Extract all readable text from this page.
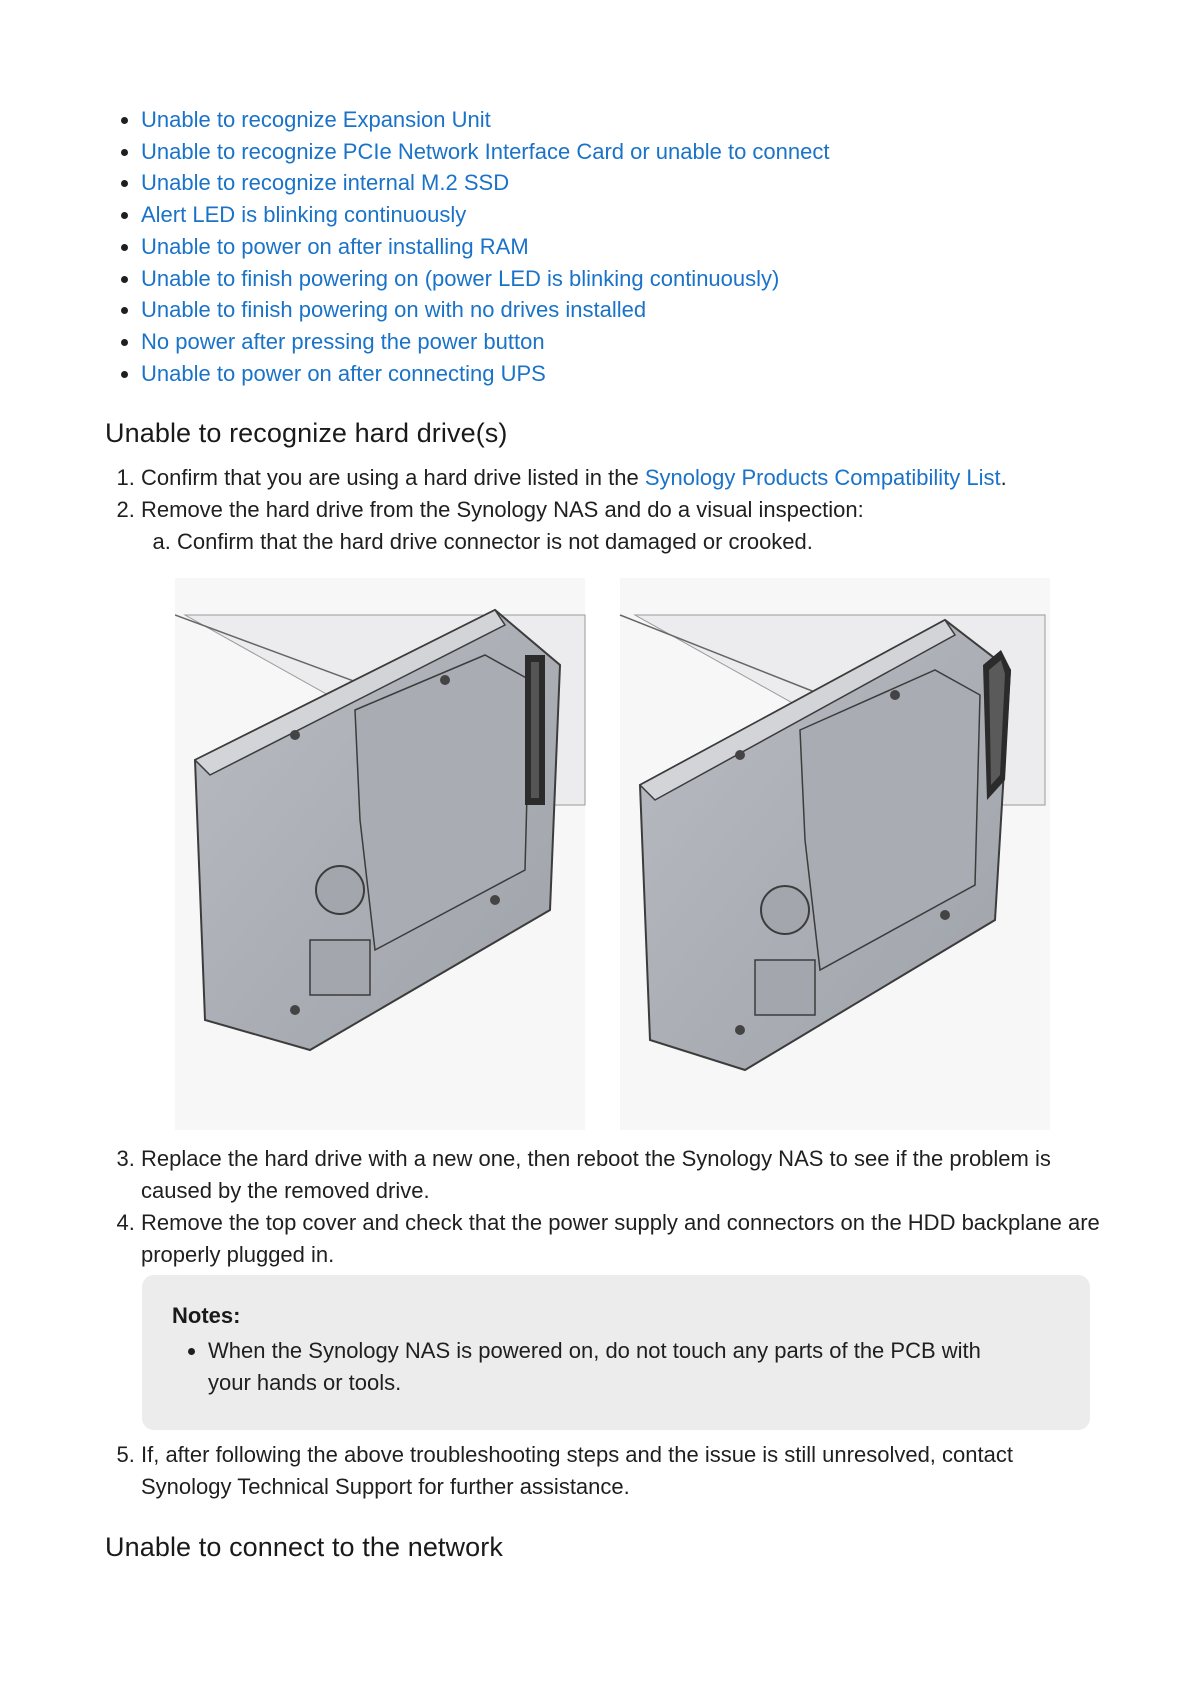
• Unable to recognize Expansion Unit
• Unable to recognize PCIe Network Interface Card or unable to connect
• Unable to recognize internal M.2 SSD
• Alert LED is blinking continuously
• Unable to power on after installing RAM
• Unable to finish powering on (power LED is blinking continuously)
• Unable to finish powering on with no drives installed
• No power after pressing the power button
• Unable to power on after connecting UPS
Unable to recognize hard drive(s)
1. Confirm that you are using a hard drive listed in the Synology Products Compatibility List.
2. Remove the hard drive from the Synology NAS and do a visual inspection:
a. Confirm that the hard drive connector is not damaged or crooked.
3. Replace the hard drive with a new one, then reboot the Synology NAS to see if the problem is caused by the removed drive.
4. Remove the top cover and check that the power supply and connectors on the HDD backplane are properly plugged in.
Notes:
• When the Synology NAS is powered on, do not touch any parts of the PCB with your hands or tools.
5. If, after following the above troubleshooting steps and the issue is still unresolved, contact Synology Technical Support for further assistance.
Unable to connect to the network
